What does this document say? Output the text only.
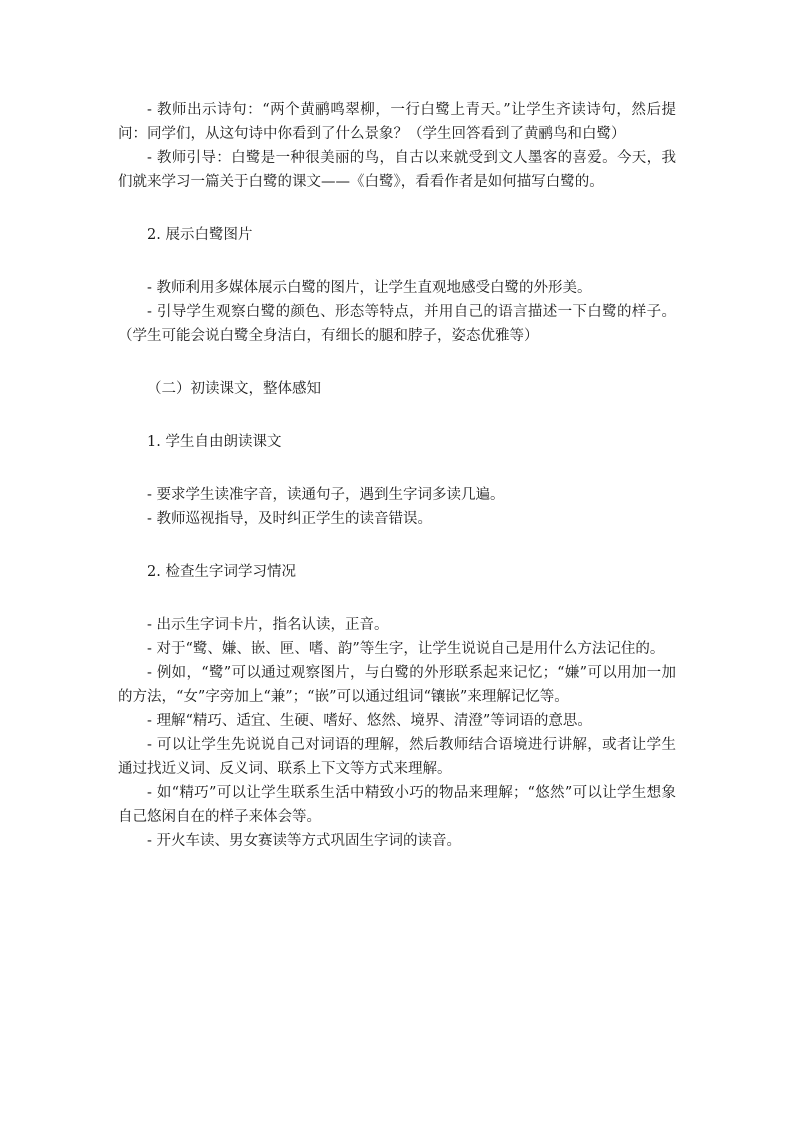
- 教师出示诗句：“两个黄鹂鸣翠柳，一行白鹭上青天。”让学生齐读诗句，然后提问：同学们，从这句诗中你看到了什么景象？（学生回答看到了黄鹂鸟和白鹭）

- 教师引导：白鹭是一种很美丽的鸟，自古以来就受到文人墨客的喜爱。今天，我们就来学习一篇关于白鹭的课文——《白鹭》，看看作者是如何描写白鹭的。

2. 展示白鹭图片

- 教师利用多媒体展示白鹭的图片，让学生直观地感受白鹭的外形美。

- 引导学生观察白鹭的颜色、形态等特点，并用自己的语言描述一下白鹭的样子。（学生可能会说白鹭全身洁白，有细长的腿和脖子，姿态优雅等）

（二）初读课文，整体感知

1. 学生自由朗读课文

- 要求学生读准字音，读通句子，遇到生字词多读几遍。

- 教师巡视指导，及时纠正学生的读音错误。

2. 检查生字词学习情况

- 出示生字词卡片，指名认读，正音。

- 对于“鹭、嫌、嵌、匣、嗜、韵”等生字，让学生说说自己是用什么方法记住的。

- 例如，“鹭”可以通过观察图片，与白鹭的外形联系起来记忆；“嫌”可以用加一加的方法，“女”字旁加上“兼”；“嵌”可以通过组词“镶嵌”来理解记忆等。

- 理解“精巧、适宜、生硬、嗜好、悠然、境界、清澄”等词语的意思。

- 可以让学生先说说自己对词语的理解，然后教师结合语境进行讲解，或者让学生通过找近义词、反义词、联系上下文等方式来理解。

- 如“精巧”可以让学生联系生活中精致小巧的物品来理解；“悠然”可以让学生想象自己悠闲自在的样子来体会等。

- 开火车读、男女赛读等方式巩固生字词的读音。
